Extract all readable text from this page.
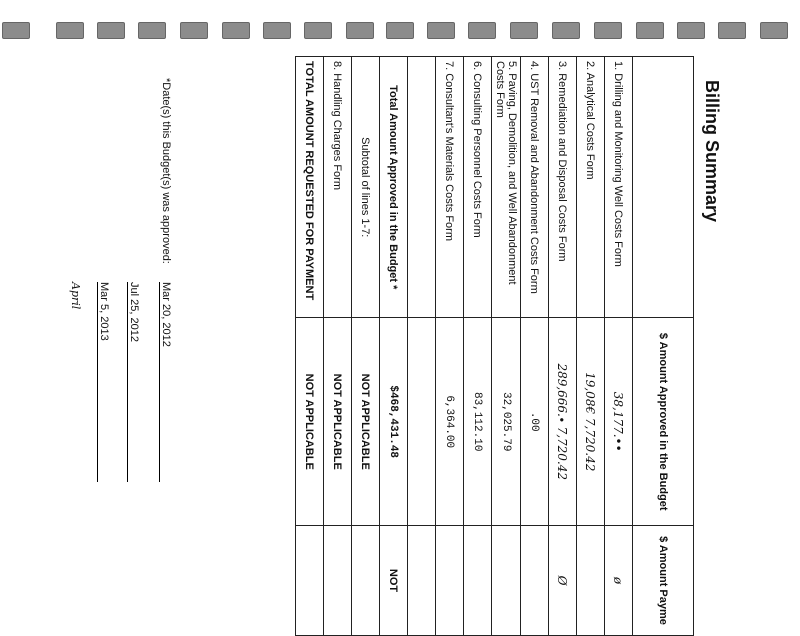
Billing Summary
	$ Amount Approved in the Budget	$ Amount Payme
1. Drilling and Monitoring Well Costs Form	38,177.••	ø
2. Analytical Costs Form	19,08€ 7,720.42	
3. Remediation and Disposal Costs Form	289,666.∙ 7,720.42	Ø
4. UST Removal and Abandonment Costs Form	.00	
5. Paving, Demolition, and Well Abandonment Costs Form	32,025.79	
6. Consulting Personnel Costs Form	83,112.10	
7. Consultant's Materials Costs Form	6,364.00	

Total Amount Approved in the Budget *	$468,431.48	NOT
Subtotal of lines 1-7:	NOT APPLICABLE	
8. Handling Charges Form	NOT APPLICABLE	
TOTAL AMOUNT REQUESTED FOR PAYMENT	NOT APPLICABLE	
*Date(s) this Budget(s) was approved:
Mar 20, 2012
Jul 25, 2012
Mar 5, 2013
April
